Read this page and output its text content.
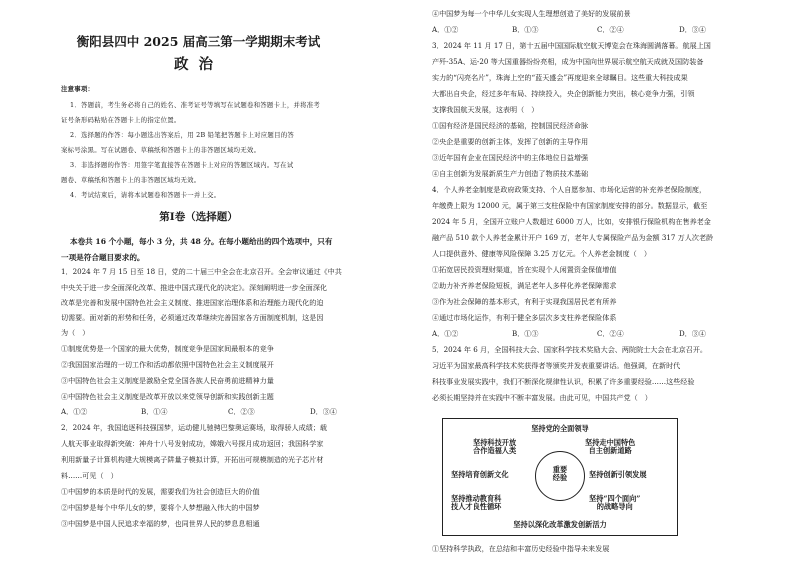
衡阳县四中 2025 届高三第一学期期末考试
政治
注意事项：
1．答题前，考生务必将自己的姓名、准考证号等填写在试题卷和答题卡上，并将准考
证号条形码粘贴在答题卡上的指定位置。
2．选择题的作答：每小题选出答案后，用 2B 铅笔把答题卡上对应题目的答
案标号涂黑。写在试题卷、草稿纸和答题卡上的非答题区域均无效。
3．非选择题的作答：用签字笔直接答在答题卡上对应的答题区域内。写在试
题卷、草稿纸和答题卡上的非答题区域均无效。
4．考试结束后，请将本试题卷和答题卡一并上交。
第Ⅰ卷（选择题）
本卷共 16 个小题，每小 3 分，共 48 分。在每小题给出的四个选项中，只有
一项是符合题目要求的。
1．2024 年 7 月 15 日至 18 日，党的二十届三中全会在北京召开。全会审议通过《中共
中央关于进一步全面深化改革、推进中国式现代化的决定》。深刻阐明进一步全面深化
改革是完善和发展中国特色社会主义制度、推进国家治理体系和治理能力现代化的迫
切需要。面对新的形势和任务，必须通过改革继续完善国家各方面制度机制，这是因
为（　）
①制度优势是一个国家的最大优势，制度竞争是国家间最根本的竞争
②我国国家治理的一切工作和活动都依照中国特色社会主义制度展开
③中国特色社会主义制度是激励全党全国各族人民奋勇前进精神力量
④中国特色社会主义制度是改革开放以来党领导创新和实践创新主题
A．①②	B．①④	C．②③	D．③④
2．2024 年，我国追逐科技强国梦，运动健儿驰骋巴黎奥运赛场，取得骄人成绩；载
人航天事业取得新突破：神舟十八号发射成功，嫦娥六号探月成功返回；我国科学家
利用新量子计算机构建大规模离子阱量子模拟计算，开拓出可规模制造的光子芯片材
料……可见（　）
①中国梦的本质是时代的发展，需要我们为社会创造巨大的价值
②中国梦是每个中华儿女的梦，要将个人梦想融入伟大的中国梦
③中国梦是中国人民追求幸福的梦，也同世界人民的梦息息相通
④中国梦为每一个中华儿女实现人生理想创造了美好的发展前景
A．①②	B．①③	C．②④	D．③④
3．2024 年 11 月 17 日，第十五届中国国际航空航天博览会在珠海圆满落幕。航展上国
产歼-35A、运-20 等大国重器纷纷亮相，成为中国向世界展示航空航天成就及国防装备
实力的“闪亮名片”，珠海上空的“蓝天盛会”再度迎来全球瞩目。这些重大科技成果
大都出自央企，经过多年布局、持续投入，央企创新能力突出，核心竞争力强，引领
支撑我国航天发展，这表明（　）
①国有经济是国民经济的基础，控制国民经济命脉
②央企是重要的创新主体，发挥了创新的主导作用
③近年国有企业在国民经济中的主体地位日益增强
④自主创新为发展新质生产力创造了物质技术基础
4．个人养老金制度是政府政策支持、个人自愿参加、市场化运营的补充养老保险制度，
年缴费上限为 12000 元，属于第三支柱保险中有国家制度安排的部分。数据显示，截至
2024 年 5 月，全国开立账户人数超过 6000 万人，比如，安排银行保险机构在售养老金
融产品 510 款个人养老金累计开户 169 万，老年人专属保险产品为金额 317 万人次老龄
人口提供意外、健康等风险保障 3.25 万亿元。个人养老金制度（　）
①拓宽居民投资理财渠道，旨在实现个人闲置资金保值增值
②助力补齐养老保险短板，满足老年人多样化养老保障需求
③作为社会保障的基本形式，有利于实现我国居民老有所养
④通过市场化运作，有利于健全多层次多支柱养老保险体系
A．①②	B．①③	C．②④	D．③④
5．2024 年 6 月，全国科技大会、国家科学技术奖励大会、两院院士大会在北京召开。
习近平为国家最高科学技术奖获得者等颁奖并发表重要讲话。他强调，在新时代
科技事业发展实践中，我们不断深化规律性认识，积累了许多重要经验……这些经验
必须长期坚持并在实践中不断丰富发展。由此可见，中国共产党（　）
①坚持科学执政，在总结和丰富历史经验中指导未来发展
坚持党的全面领导
坚持科技开放
合作造福人类
坚持走中国特色
自主创新道路
坚持培育创新文化	坚持创新引领发展
重要
经验
坚持推动教育科
技人才良性循环
坚持“四个面向”
的战略导向
坚持以深化改革激发创新活力
